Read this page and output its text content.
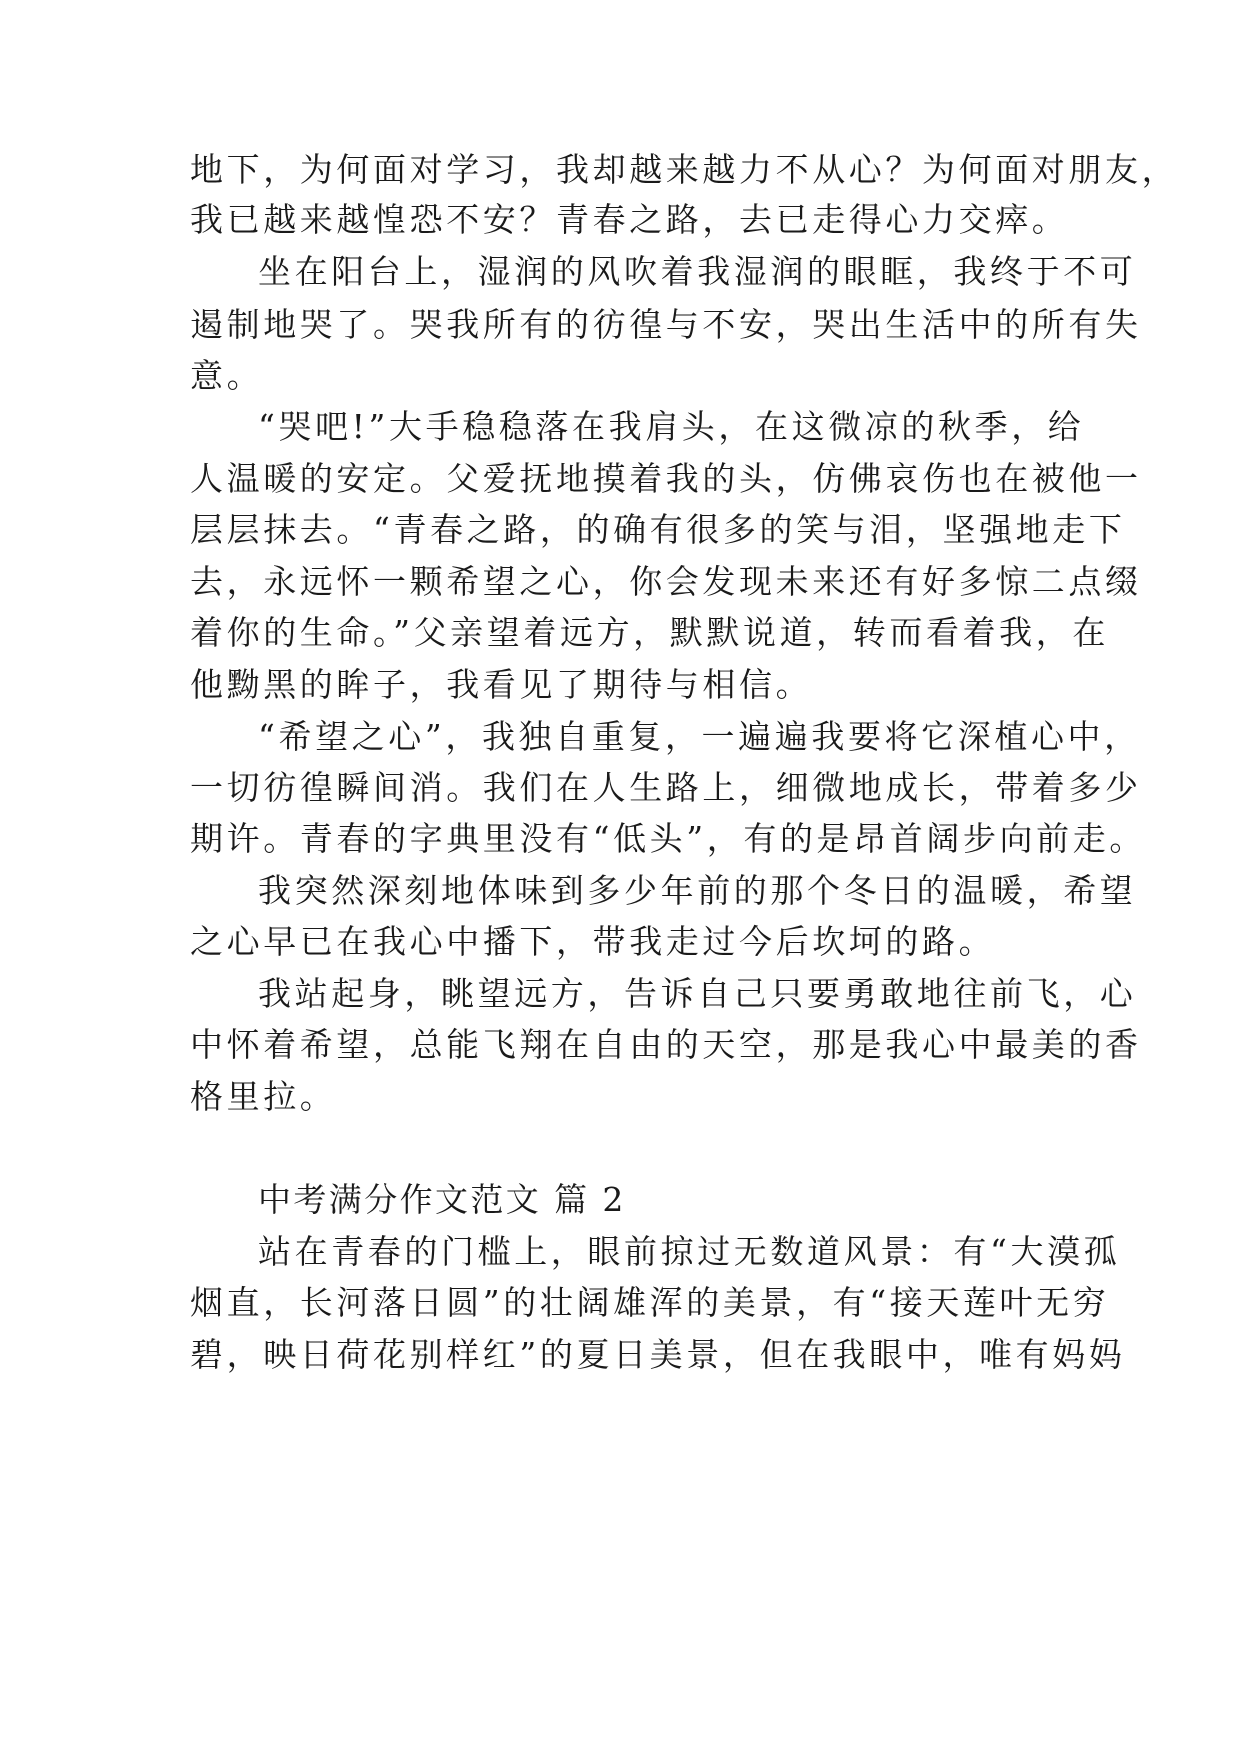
地下，为何面对学习，我却越来越力不从心？为何面对朋友，
我已越来越惶恐不安？青春之路，去已走得心力交瘁。
坐在阳台上，湿润的风吹着我湿润的眼眶，我终于不可
遏制地哭了。哭我所有的彷徨与不安，哭出生活中的所有失
意。
“哭吧!”大手稳稳落在我肩头，在这微凉的秋季，给
人温暖的安定。父爱抚地摸着我的头，仿佛哀伤也在被他一
层层抹去。“青春之路，的确有很多的笑与泪，坚强地走下
去，永远怀一颗希望之心，你会发现未来还有好多惊二点缀
着你的生命。”父亲望着远方，默默说道，转而看着我，在
他黝黑的眸子，我看见了期待与相信。
“希望之心”，我独自重复，一遍遍我要将它深植心中，
一切彷徨瞬间消。我们在人生路上，细微地成长，带着多少
期许。青春的字典里没有“低头”，有的是昂首阔步向前走。
我突然深刻地体味到多少年前的那个冬日的温暖，希望
之心早已在我心中播下，带我走过今后坎坷的路。
我站起身，眺望远方，告诉自己只要勇敢地往前飞，心
中怀着希望，总能飞翔在自由的天空，那是我心中最美的香
格里拉。
中考满分作文范文 篇 2
站在青春的门槛上，眼前掠过无数道风景：有“大漠孤
烟直，长河落日圆”的壮阔雄浑的美景，有“接天莲叶无穷
碧，映日荷花别样红”的夏日美景，但在我眼中，唯有妈妈
